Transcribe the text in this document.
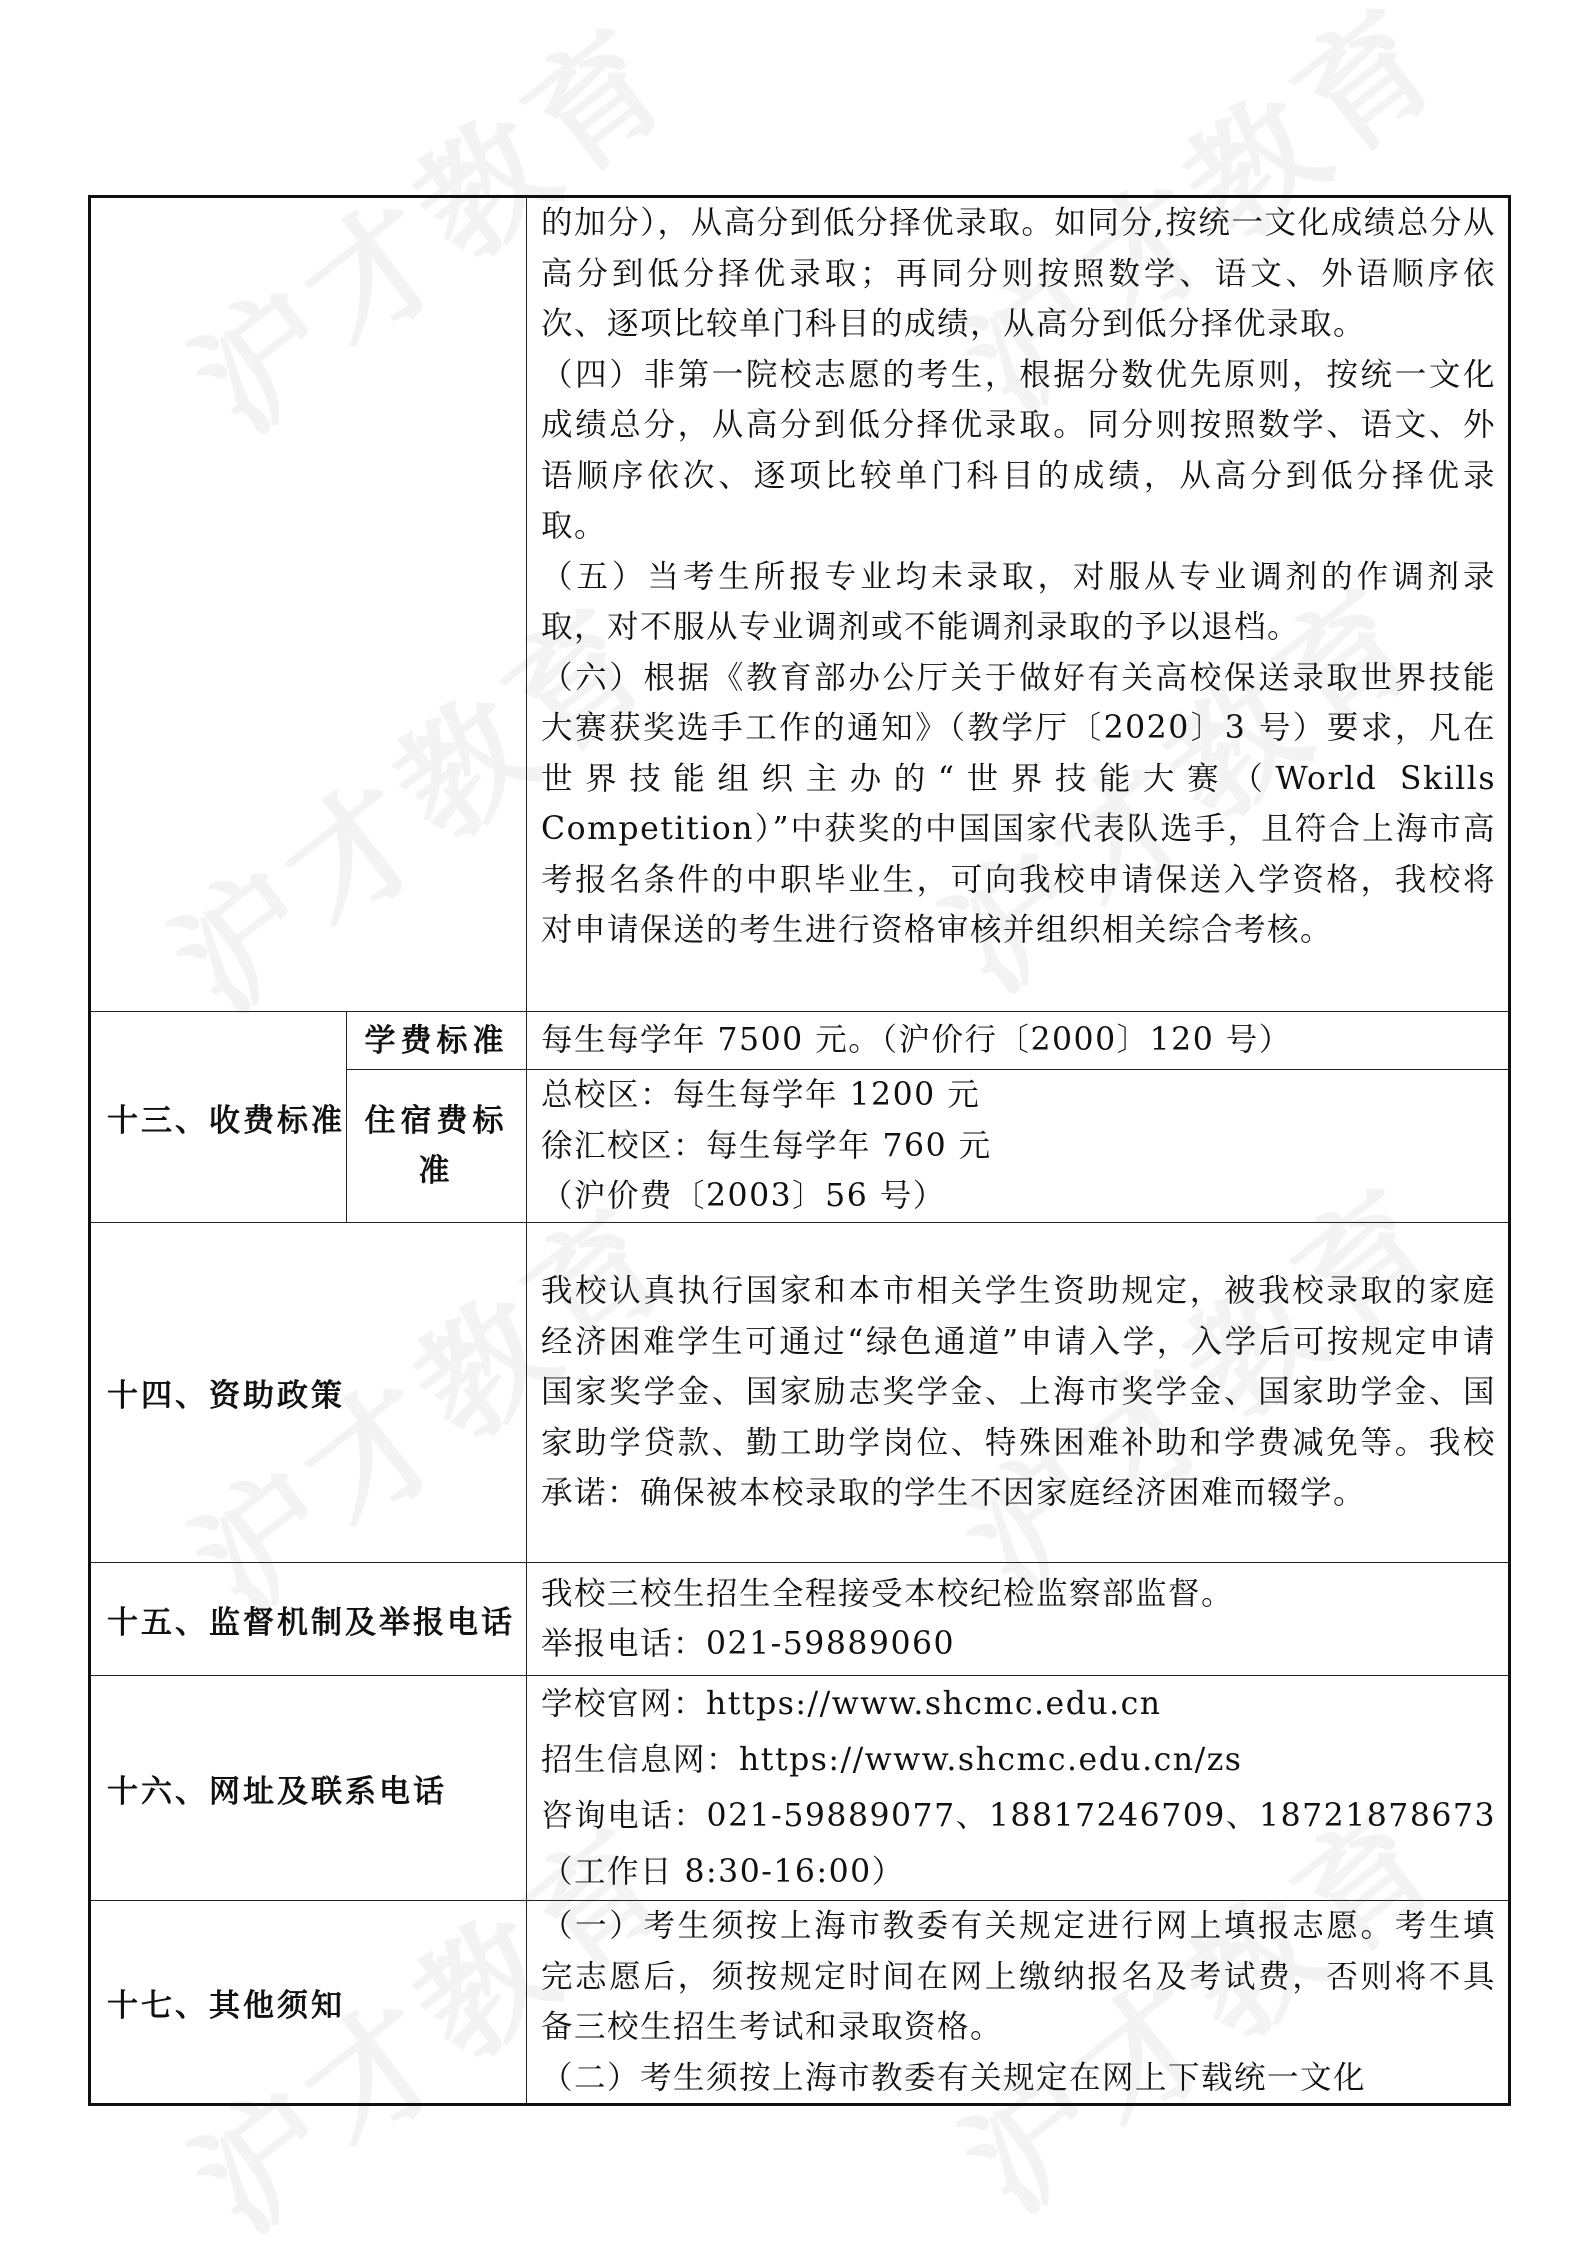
		的加分），从高分到低分择优录取。如同分,按统一文化成绩总分从高分到低分择优录取；再同分则按照数学、语文、外语顺序依次、逐项比较单门科目的成绩，从高分到低分择优录取。

（四）非第一院校志愿的考生，根据分数优先原则，按统一文化成绩总分，从高分到低分择优录取。同分则按照数学、语文、外语顺序依次、逐项比较单门科目的成绩，从高分到低分择优录取。

（五）当考生所报专业均未录取，对服从专业调剂的作调剂录取，对不服从专业调剂或不能调剂录取的予以退档。

（六）根据《教育部办公厅关于做好有关高校保送录取世界技能大赛获奖选手工作的通知》（教学厅〔2020〕3 号）要求，凡在世界技能组织主办的“世界技能大赛（World Skills Competition）”中获奖的中国国家代表队选手，且符合上海市高考报名条件的中职毕业生，可向我校申请保送入学资格，我校将对申请保送的考生进行资格审核并组织相关综合考核。

十三、收费标准	学费标准	每生每学年 7500 元。（沪价行〔2000〕120 号）
	住宿费标准	总校区：每生每学年 1200 元

徐汇校区：每生每学年 760 元

（沪价费〔2003〕56 号）

十四、资助政策		我校认真执行国家和本市相关学生资助规定，被我校录取的家庭经济困难学生可通过“绿色通道”申请入学，入学后可按规定申请国家奖学金、国家励志奖学金、上海市奖学金、国家助学金、国家助学贷款、勤工助学岗位、特殊困难补助和学费减免等。我校承诺：确保被本校录取的学生不因家庭经济困难而辍学。
十五、监督机制及举报电话		我校三校生招生全程接受本校纪检监察部监督。

举报电话：021-59889060

十六、网址及联系电话		学校官网：https://www.shcmc.edu.cn

招生信息网：https://www.shcmc.edu.cn/zs

咨询电话：021-59889077、18817246709、18721878673（工作日 8:30-16:00）

十七、其他须知		（一）考生须按上海市教委有关规定进行网上填报志愿。考生填完志愿后，须按规定时间在网上缴纳报名及考试费，否则将不具备三校生招生考试和录取资格。

（二）考生须按上海市教委有关规定在网上下载统一文化
